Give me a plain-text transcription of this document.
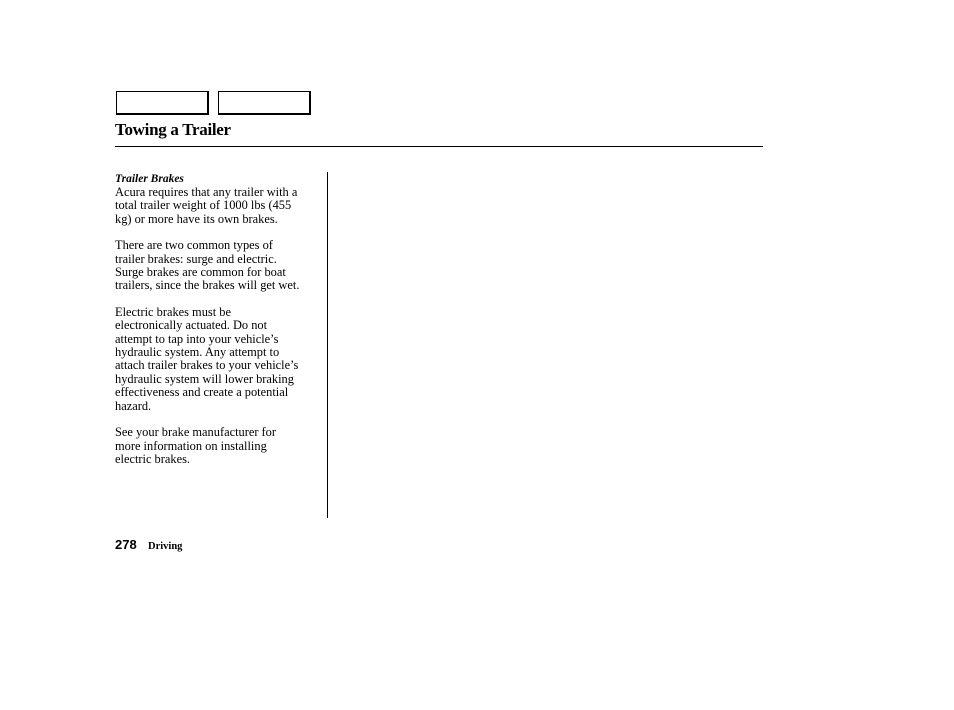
Towing a Trailer

Trailer Brakes

Acura requires that any trailer with a
total trailer weight of 1000 lbs (455
kg) or more have its own brakes.

There are two common types of
trailer brakes: surge and electric.
Surge brakes are common for boat
trailers, since the brakes will get wet.

Electric brakes must be
electronically actuated. Do not
attempt to tap into your vehicle’s
hydraulic system. Any attempt to
attach trailer brakes to your vehicle’s
hydraulic system will lower braking
effectiveness and create a potential
hazard.

See your brake manufacturer for
more information on installing
electric brakes.

278 Driving
